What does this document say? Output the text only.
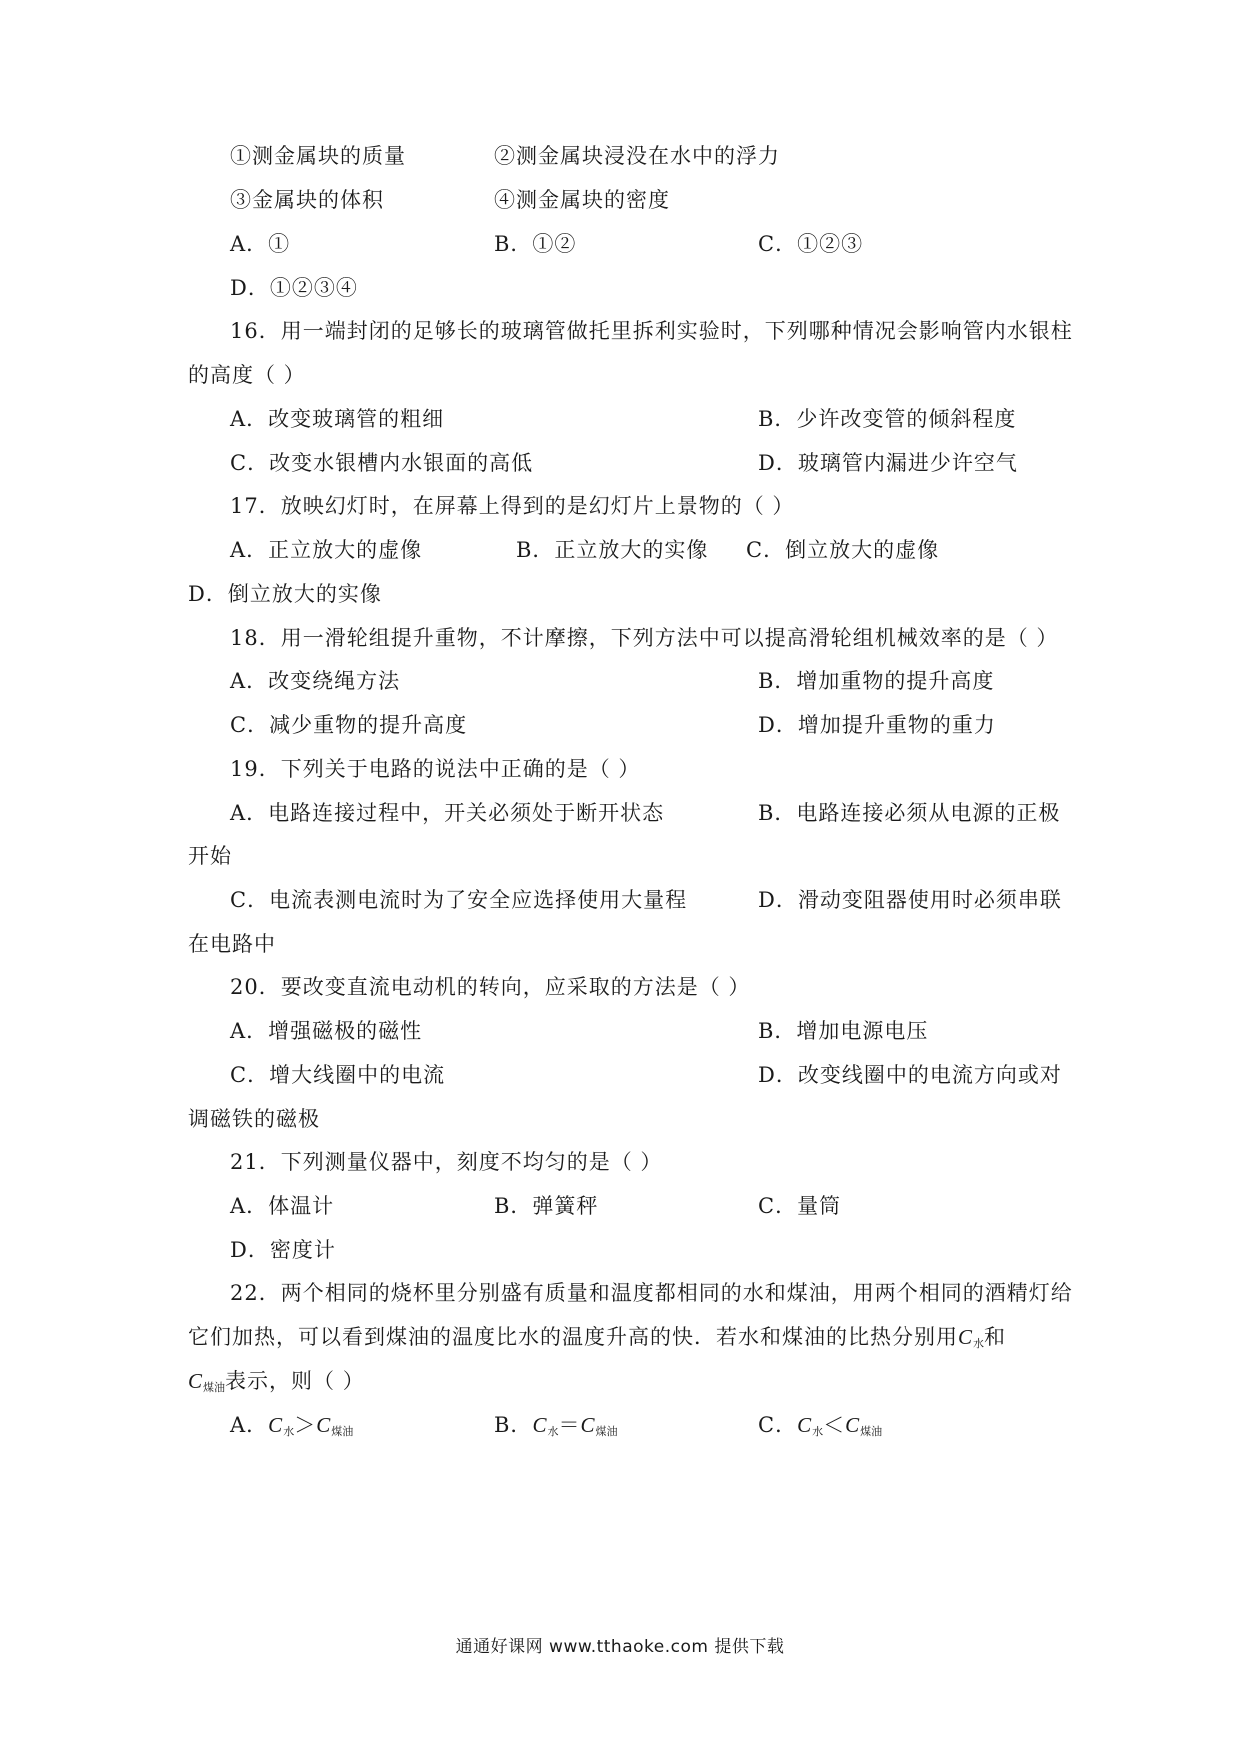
①测金属块的质量	②测金属块浸没在水中的浮力
③金属块的体积	④测金属块的密度
A．①	B．①②	C．①②③
D．①②③④
16．用一端封闭的足够长的玻璃管做托里拆利实验时，下列哪种情况会影响管内水银柱
的高度（ ）
A．改变玻璃管的粗细	B．少许改变管的倾斜程度
C．改变水银槽内水银面的高低	D．玻璃管内漏进少许空气
17．放映幻灯时，在屏幕上得到的是幻灯片上景物的（ ）
A．正立放大的虚像	B．正立放大的实像 C．倒立放大的虚像
D．倒立放大的实像
18．用一滑轮组提升重物，不计摩擦，下列方法中可以提高滑轮组机械效率的是（ ）
A．改变绕绳方法	B．增加重物的提升高度
C．减少重物的提升高度	D．增加提升重物的重力
19．下列关于电路的说法中正确的是（ ）
A．电路连接过程中，开关必须处于断开状态	B．电路连接必须从电源的正极
开始
C．电流表测电流时为了安全应选择使用大量程	D．滑动变阻器使用时必须串联
在电路中
20．要改变直流电动机的转向，应采取的方法是（ ）
A．增强磁极的磁性	B．增加电源电压
C．增大线圈中的电流	D．改变线圈中的电流方向或对
调磁铁的磁极
21．下列测量仪器中，刻度不均匀的是（ ）
A．体温计	B．弹簧秤	C．量筒
D．密度计
22．两个相同的烧杯里分别盛有质量和温度都相同的水和煤油，用两个相同的酒精灯给
它们加热，可以看到煤油的温度比水的温度升高的快．若水和煤油的比热分别用$C_水$和
$C_{煤油}$表示，则（ ）
A．$C_水>C_{煤油}$	B．$C_水=C_{煤油}$	C．$C_水<C_{煤油}$
通通好课网 www.tthaoke.com 提供下载
